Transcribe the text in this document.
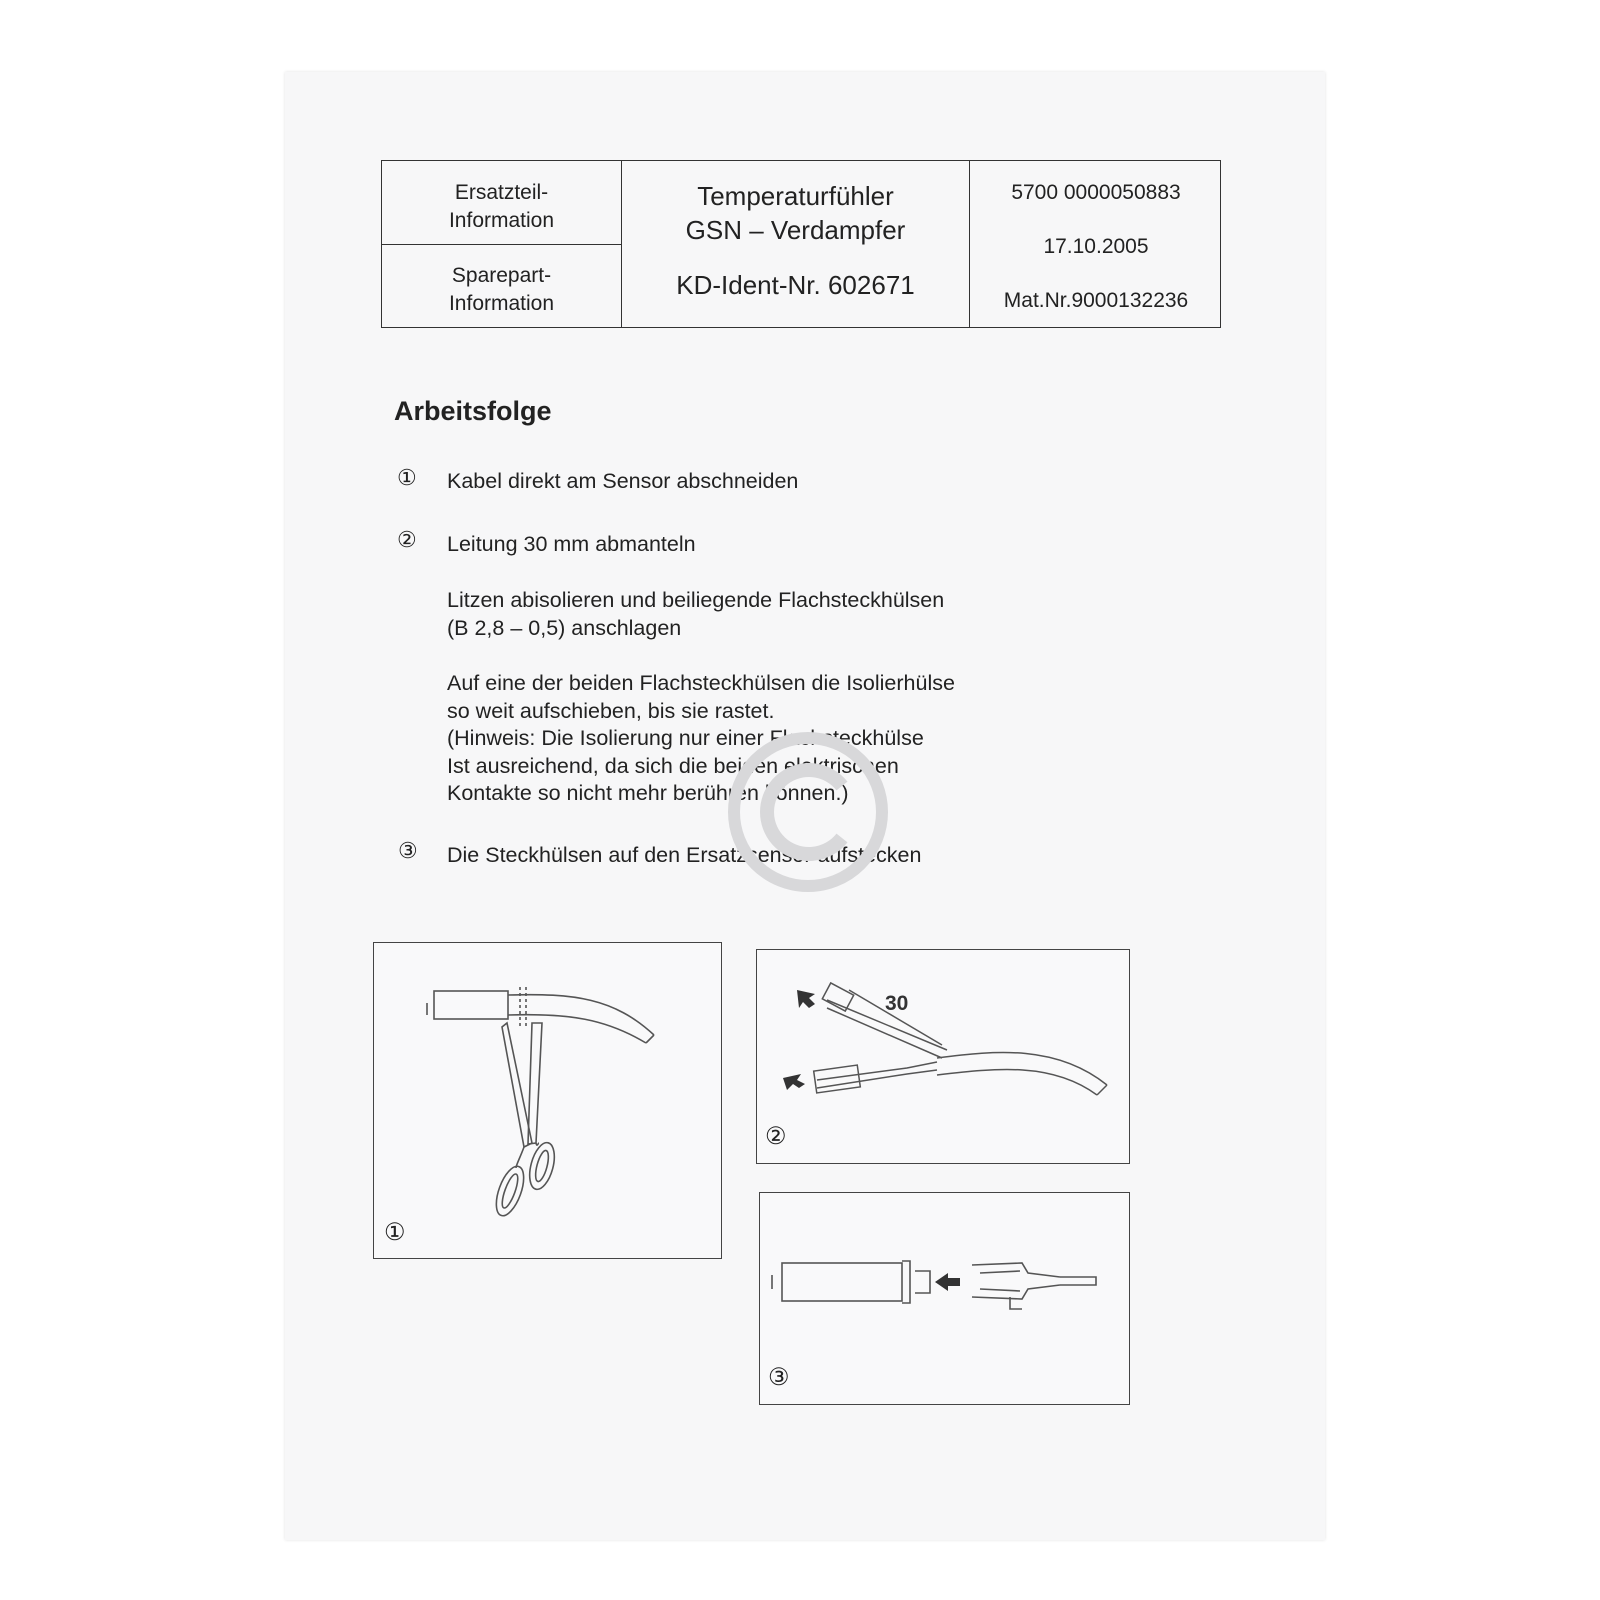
Ersatzteil-
Information
Sparepart-
Information
Temperaturfühler
GSN – Verdampfer
KD-Ident-Nr. 602671
5700 0000050883
17.10.2005
Mat.Nr.9000132236
Arbeitsfolge
① Kabel direkt am Sensor abschneiden
② Leitung 30 mm abmanteln
Litzen abisolieren und beiliegende Flachsteckhülsen
(B 2,8 – 0,5) anschlagen
Auf eine der beiden Flachsteckhülsen die Isolierhülse
so weit aufschieben, bis sie rastet.
(Hinweis: Die Isolierung nur einer Flachsteckhülse
Ist ausreichend, da sich die beiden elektrischen
Kontakte so nicht mehr berühren können.)
③ Die Steckhülsen auf den Ersatzsensor aufstecken
①
30
②
③
